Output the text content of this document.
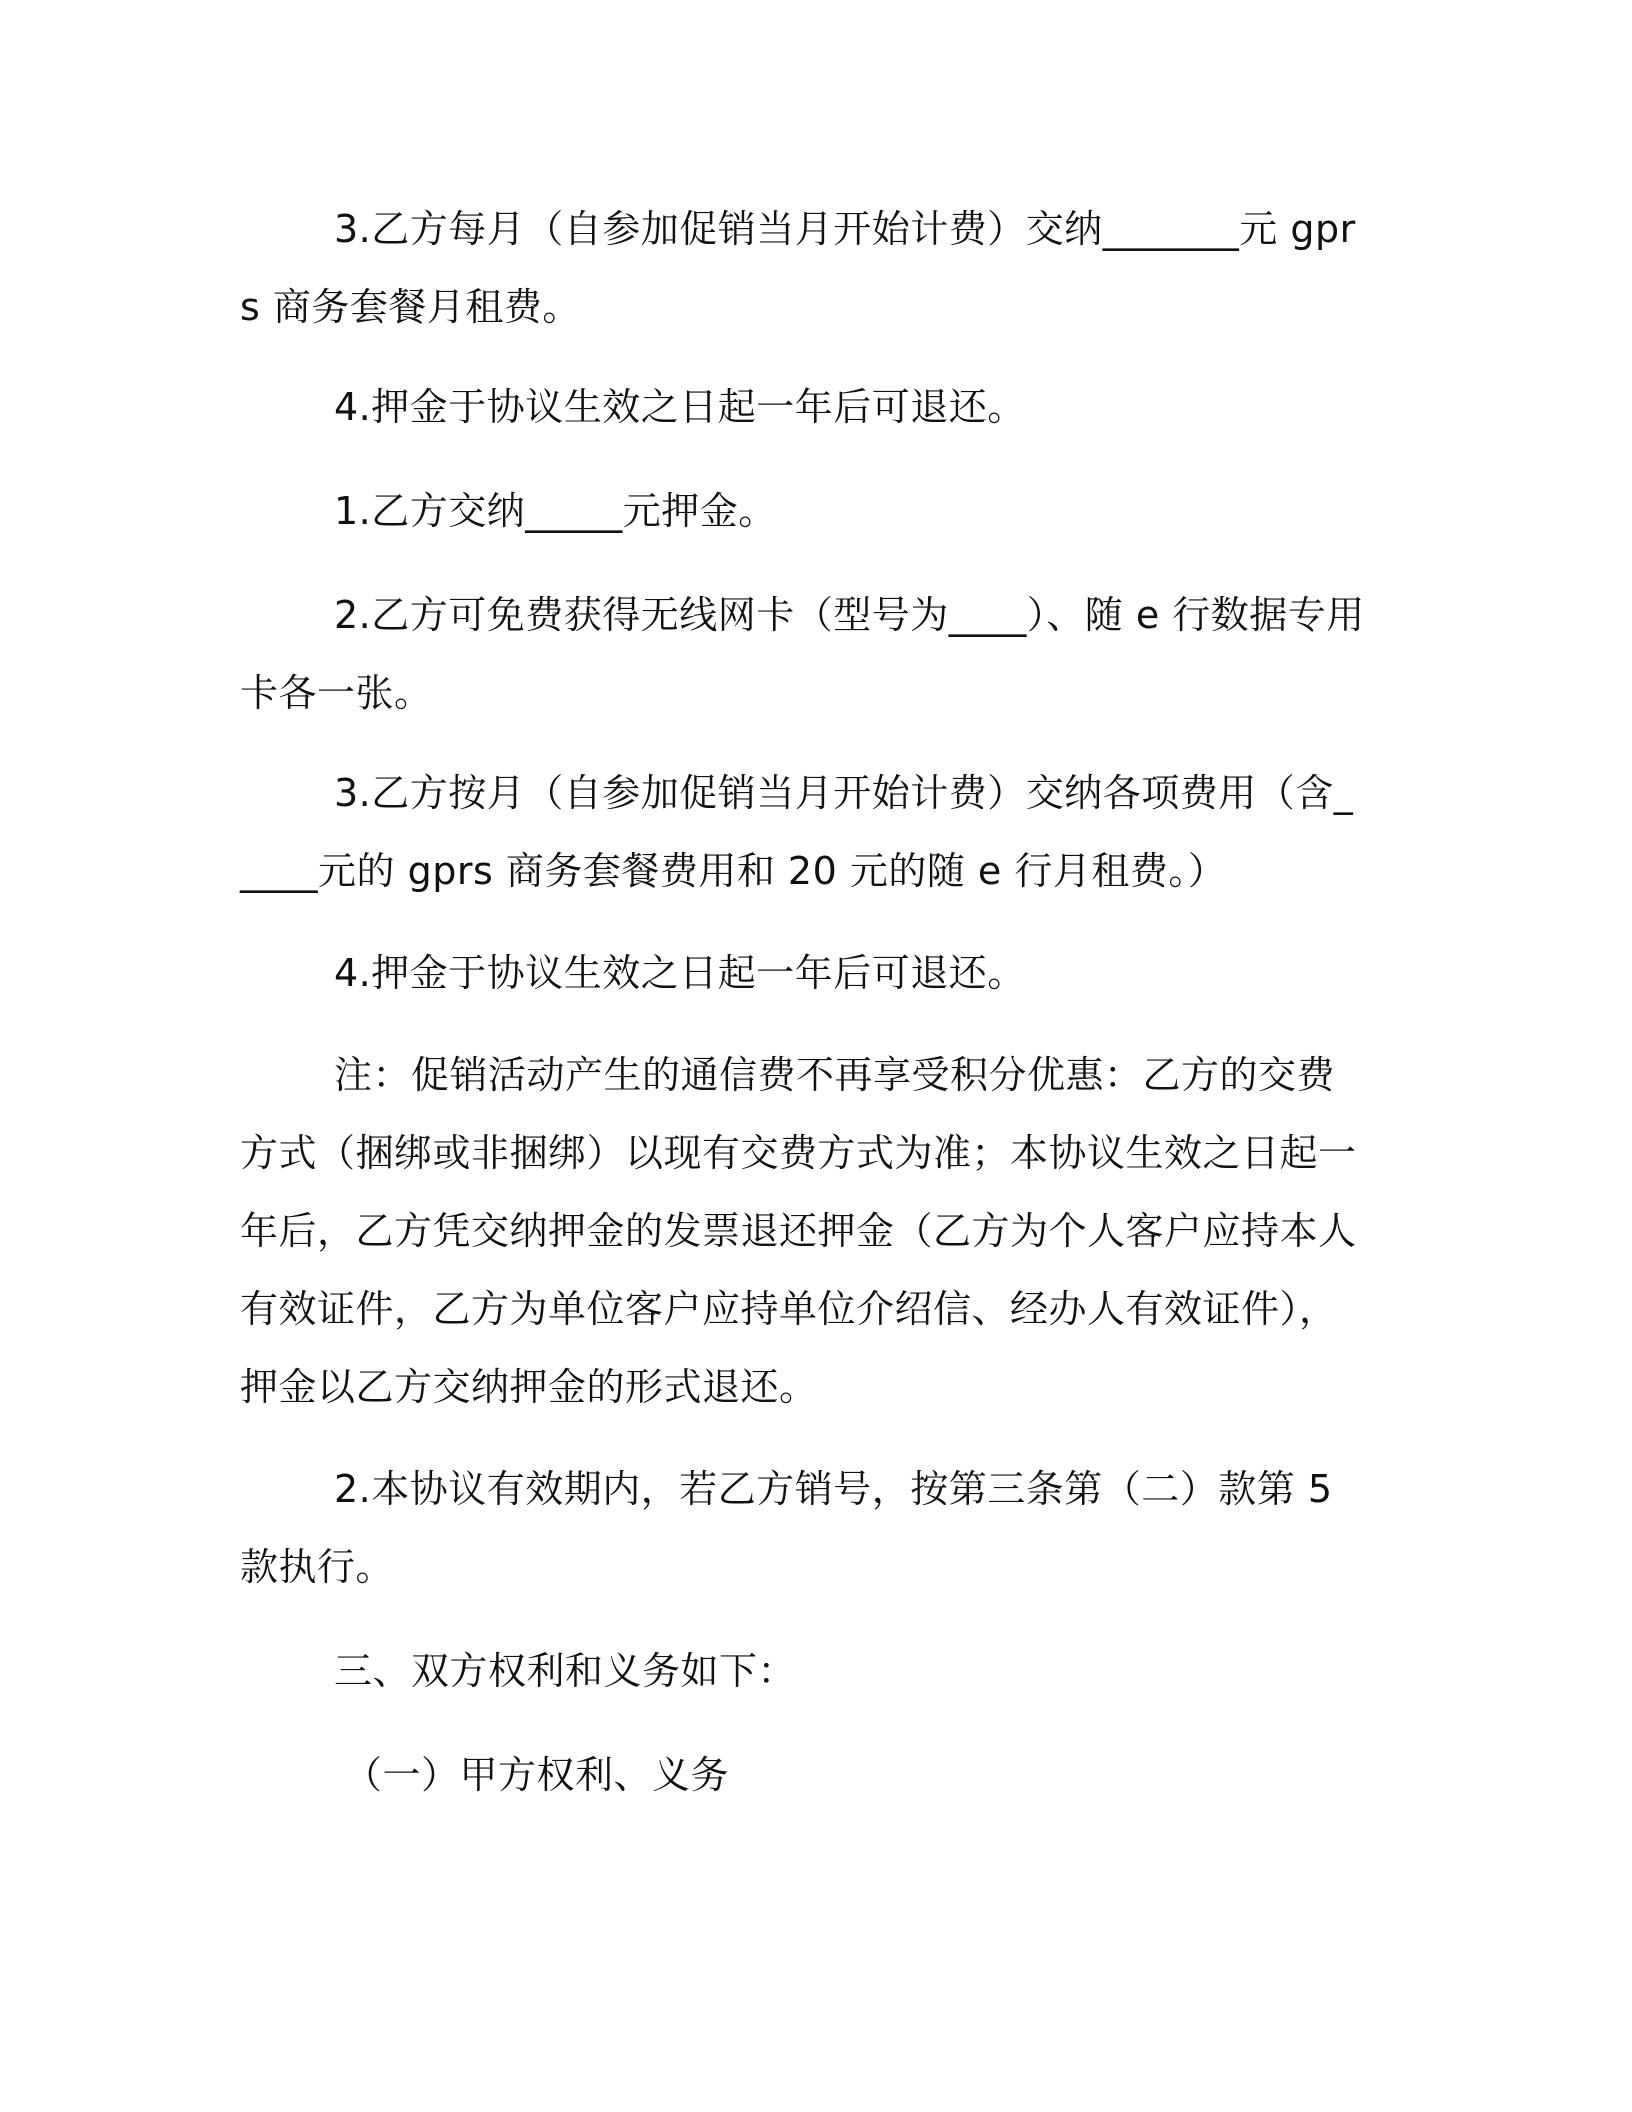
3.乙方每月（自参加促销当月开始计费）交纳_______元 gprs 商务套餐月租费。

4.押金于协议生效之日起一年后可退还。

1.乙方交纳_____元押金。

2.乙方可免费获得无线网卡（型号为____）、随 e 行数据专用卡各一张。

3.乙方按月（自参加促销当月开始计费）交纳各项费用（含_____元的 gprs 商务套餐费用和 20 元的随 e 行月租费。）

4.押金于协议生效之日起一年后可退还。

注：促销活动产生的通信费不再享受积分优惠：乙方的交费方式（捆绑或非捆绑）以现有交费方式为准；本协议生效之日起一年后，乙方凭交纳押金的发票退还押金（乙方为个人客户应持本人有效证件，乙方为单位客户应持单位介绍信、经办人有效证件），押金以乙方交纳押金的形式退还。

2.本协议有效期内，若乙方销号，按第三条第（二）款第 5 款执行。

三、双方权利和义务如下：

（一）甲方权利、义务
